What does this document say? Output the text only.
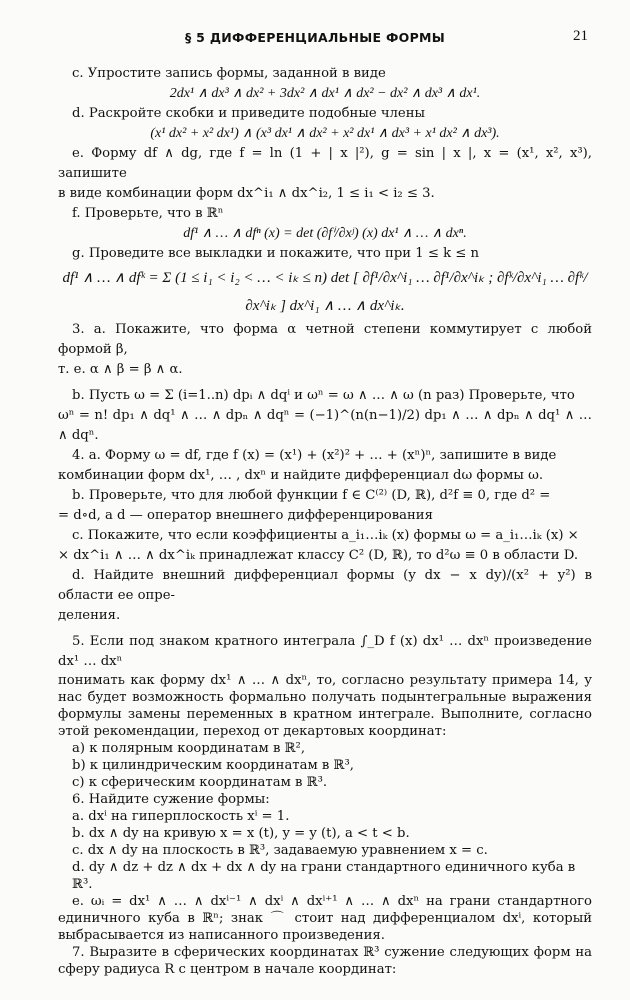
§ 5 ДИФФЕРЕНЦИАЛЬНЫЕ ФОРМЫ	21

c. Упростите запись формы, заданной в виде

2dx¹ ∧ dx³ ∧ dx² + 3dx² ∧ dx¹ ∧ dx² − dx² ∧ dx³ ∧ dx¹.

d. Раскройте скобки и приведите подобные члены

(x¹ dx² + x² dx¹) ∧ (x³ dx¹ ∧ dx² + x² dx¹ ∧ dx³ + x¹ dx² ∧ dx³).

e. Форму df ∧ dg, где f = ln (1 + | x |²), g = sin | x |, x = (x¹, x², x³), запишите

в виде комбинации форм dx^i₁ ∧ dx^i₂, 1 ≤ i₁ < i₂ ≤ 3.

f. Проверьте, что в ℝⁿ

df¹ ∧ … ∧ dfⁿ (x) = det (∂fⁱ/∂xʲ) (x) dx¹ ∧ … ∧ dxⁿ.

g. Проведите все выкладки и покажите, что при 1 ≤ k ≤ n

df¹ ∧ … ∧ dfᵏ = Σ (1 ≤ i₁ < i₂ < … < iₖ ≤ n) det [ ∂f¹/∂x^i₁ … ∂f¹/∂x^iₖ ; ∂fᵏ/∂x^i₁ … ∂fᵏ/∂x^iₖ ] dx^i₁ ∧ … ∧ dx^iₖ.

3. a. Покажите, что форма α четной степени коммутирует с любой формой β,

т. е. α ∧ β = β ∧ α.

b. Пусть ω = Σ (i=1..n) dpᵢ ∧ dqⁱ и ωⁿ = ω ∧ … ∧ ω (n раз) Проверьте, что

ωⁿ = n! dp₁ ∧ dq¹ ∧ … ∧ dpₙ ∧ dqⁿ = (−1)^(n(n−1)/2) dp₁ ∧ … ∧ dpₙ ∧ dq¹ ∧ … ∧ dqⁿ.

4. a. Форму ω = df, где f (x) = (x¹) + (x²)² + … + (xⁿ)ⁿ, запишите в виде

комбинации форм dx¹, … , dxⁿ и найдите дифференциал dω формы ω.

b. Проверьте, что для любой функции f ∈ C⁽²⁾ (D, ℝ), d²f ≡ 0, где d² =

= d∘d, а d — оператор внешнего дифференцирования

c. Покажите, что если коэффициенты a_i₁…iₖ (x) формы ω = a_i₁…iₖ (x) ×

× dx^i₁ ∧ … ∧ dx^iₖ принадлежат классу C² (D, ℝ), то d²ω ≡ 0 в области D.

d. Найдите внешний дифференциал формы (y dx − x dy)/(x² + y²) в области ее опре-

деления.

5. Если под знаком кратного интеграла ∫_D f (x) dx¹ … dxⁿ произведение dx¹ … dxⁿ

понимать как форму dx¹ ∧ … ∧ dxⁿ, то, согласно результату примера 14, у нас будет возможность формально получать подынтегральные выражения формулы замены переменных в кратном интеграле. Выполните, согласно этой рекомендации, переход от декартовых координат:

a) к полярным координатам в ℝ²,

b) к цилиндрическим координатам в ℝ³,

c) к сферическим координатам в ℝ³.

6. Найдите сужение формы:

a. dxⁱ на гиперплоскость xⁱ = 1.

b. dx ∧ dy на кривую x = x (t), y = y (t), a < t < b.

c. dx ∧ dy на плоскость в ℝ³, задаваемую уравнением x = c.

d. dy ∧ dz + dz ∧ dx + dx ∧ dy на грани стандартного единичного куба в ℝ³.

e. ωᵢ = dx¹ ∧ … ∧ dxⁱ⁻¹ ∧ dxⁱ ∧ dxⁱ⁺¹ ∧ … ∧ dxⁿ на грани стандартного единичного куба в ℝⁿ; знак ⌒ стоит над дифференциалом dxⁱ, который выбрасывается из написанного произведения.

7. Выразите в сферических координатах ℝ³ сужение следующих форм на сферу радиуса R с центром в начале координат:
